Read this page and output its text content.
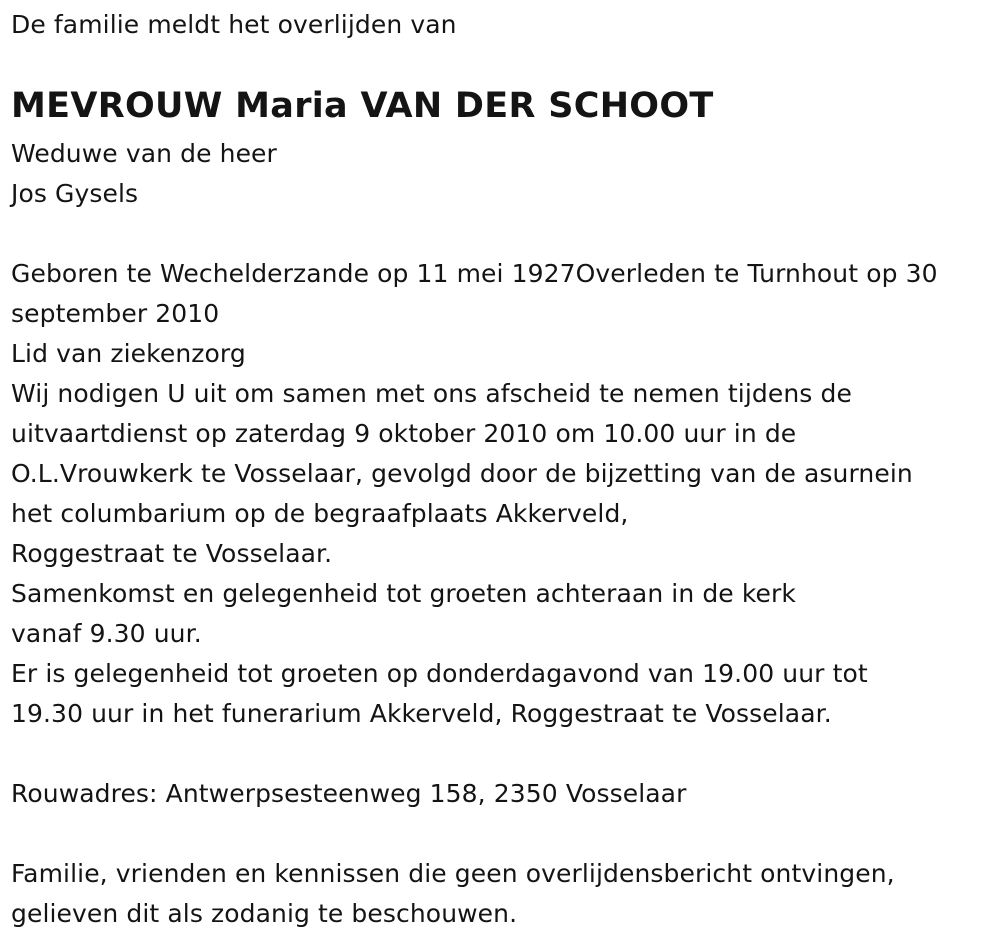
De familie meldt het overlijden van
MEVROUW Maria VAN DER SCHOOT
Weduwe van de heer
Jos Gysels
Geboren te Wechelderzande op 11 mei 1927Overleden te Turnhout op 30
september 2010
Lid van ziekenzorg
Wij nodigen U uit om samen met ons afscheid te nemen tijdens de
uitvaartdienst op zaterdag 9 oktober 2010 om 10.00 uur in de
O.L.Vrouwkerk te Vosselaar, gevolgd door de bijzetting van de asurnein
het columbarium op de begraafplaats Akkerveld,
Roggestraat te Vosselaar.
Samenkomst en gelegenheid tot groeten achteraan in de kerk
vanaf 9.30 uur.
Er is gelegenheid tot groeten op donderdagavond van 19.00 uur tot
19.30 uur in het funerarium Akkerveld, Roggestraat te Vosselaar.
Rouwadres: Antwerpsesteenweg 158, 2350 Vosselaar
Familie, vrienden en kennissen die geen overlijdensbericht ontvingen,
gelieven dit als zodanig te beschouwen.
